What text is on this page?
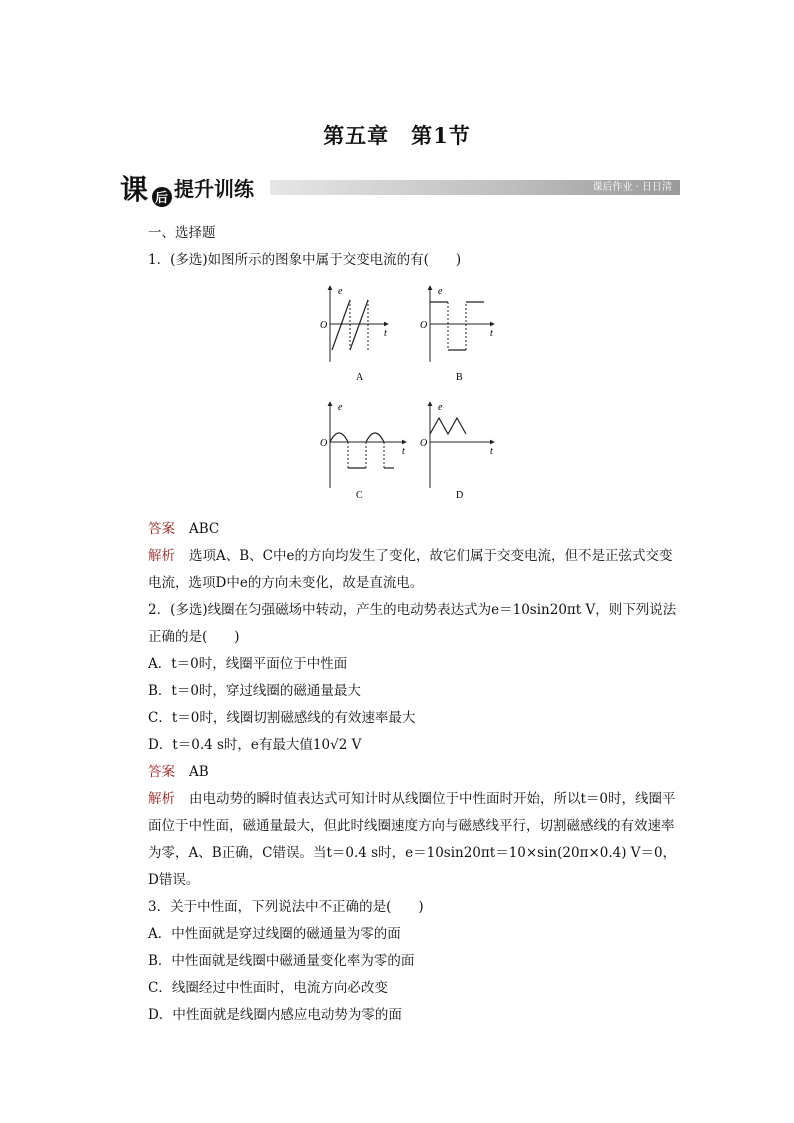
第五章　第1节
课 后 提升训练	课后作业 · 日日清

一、选择题

1．(多选)如图所示的图象中属于交变电流的有(　　)

e
t
O
A
e
t
O
B
e
t
O
C
e
t
O
D

答案 ABC

解析 选项A、B、C中e的方向均发生了变化，故它们属于交变电流，但不是正弦式交变电流，选项D中e的方向未变化，故是直流电。

2．(多选)线圈在匀强磁场中转动，产生的电动势表达式为e＝10sin20πt V，则下列说法正确的是(　　)

A．t＝0时，线圈平面位于中性面

B．t＝0时，穿过线圈的磁通量最大

C．t＝0时，线圈切割磁感线的有效速率最大

D．t＝0.4 s时，e有最大值10√2 V

答案 AB

解析 由电动势的瞬时值表达式可知计时从线圈位于中性面时开始，所以t＝0时，线圈平面位于中性面，磁通量最大，但此时线圈速度方向与磁感线平行，切割磁感线的有效速率为零，A、B正确，C错误。当t＝0.4 s时，e＝10sin20πt＝10×sin(20π×0.4) V＝0，D错误。

3．关于中性面，下列说法中不正确的是(　　)

A．中性面就是穿过线圈的磁通量为零的面

B．中性面就是线圈中磁通量变化率为零的面

C．线圈经过中性面时，电流方向必改变

D．中性面就是线圈内感应电动势为零的面
